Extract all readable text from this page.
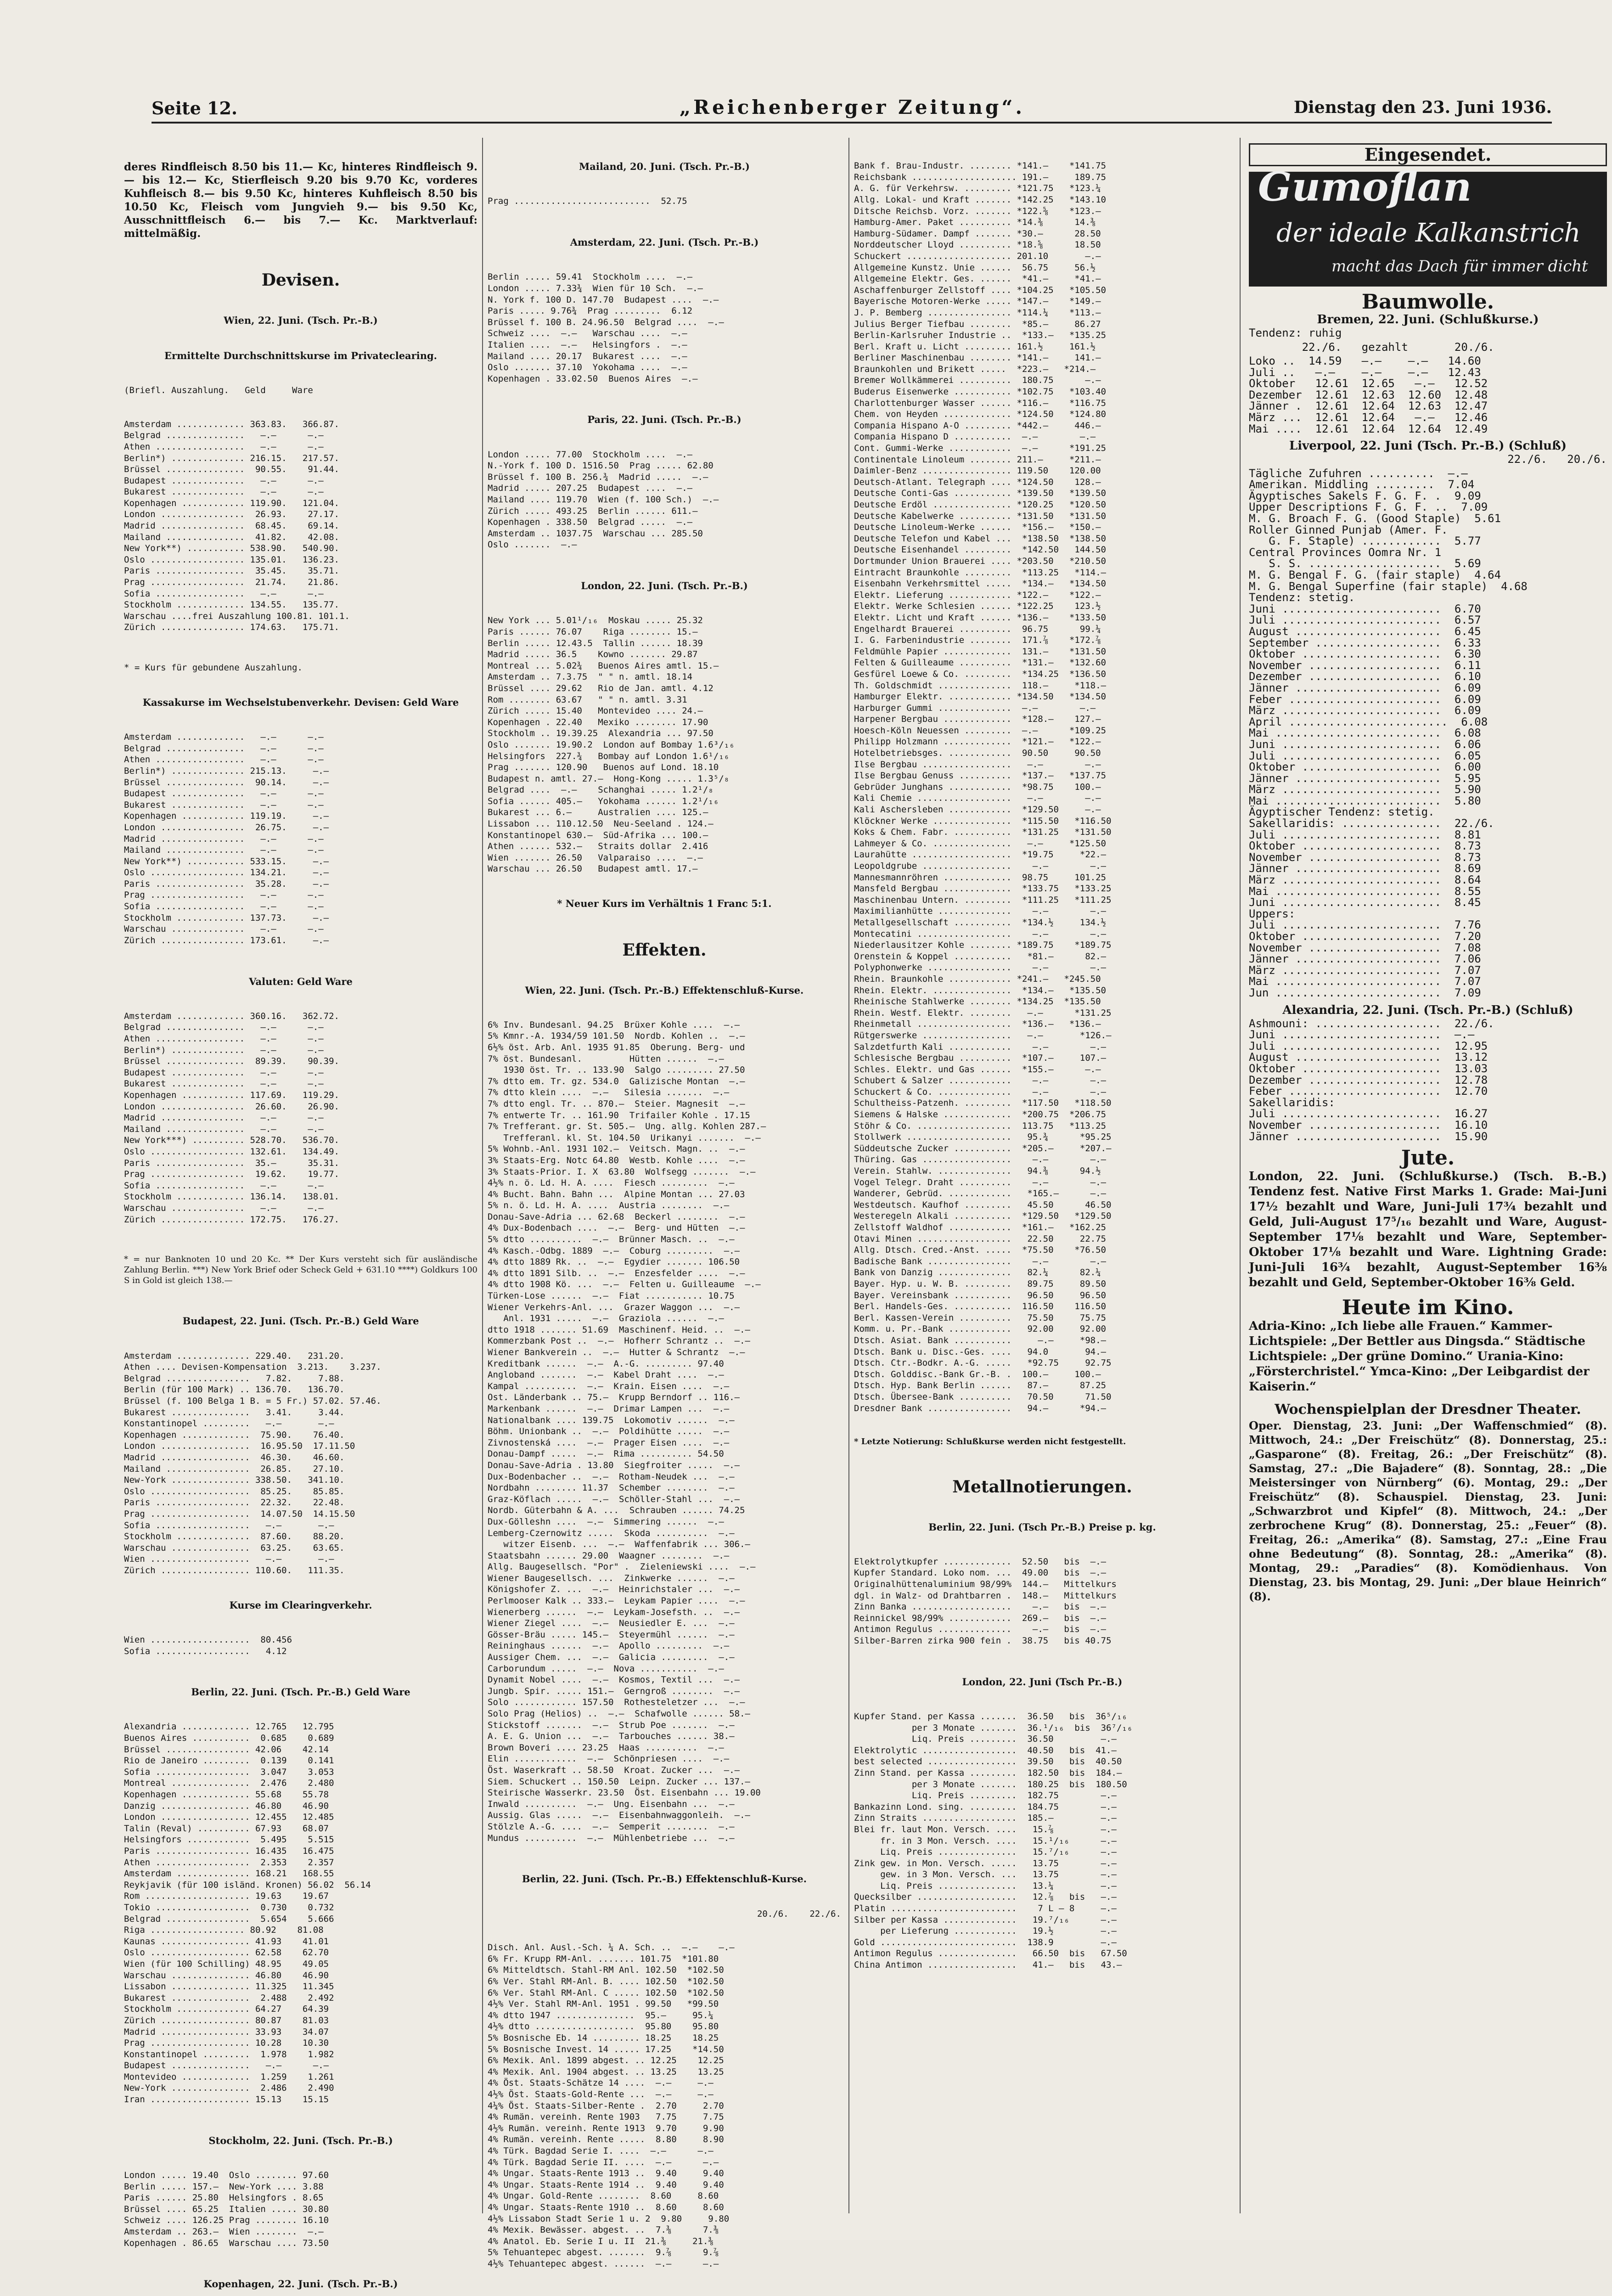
Seite 12.	„Reichenberger Zeitung“.	Dienstag den 23. Juni 1936.

deres Rindfleisch 8.50 bis 11.— Kc, hinteres Rindfleisch 9.— bis 12.— Kc, Stierfleisch 9.20 bis 9.70 Kc, vorderes Kuhfleisch 8.— bis 9.50 Kc, hinteres Kuhfleisch 8.50 bis 10.50 Kc, Fleisch vom Jungvieh 9.— bis 9.50 Kc, Ausschnittfleisch 6.— bis 7.— Kc. Marktverlauf: mittelmäßig.

Devisen.

Wien, 22. Juni. (Tsch. Pr.-B.)

Ermittelte Durchschnittskurse im Privateclearing.

(Briefl. Auszahlung.   Geld     Ware

Amsterdam ............. 363.83.   366.87.
Belgrad ...............   —.—      —.—
Athen .................   —.—      —.—
Berlin*) .............. 216.15.   217.57.
Brüssel ...............  90.55.    91.44.
Budapest ..............   —.—      —.—
Bukarest ..............   —.—      —.—
Kopenhagen ............ 119.90.   121.04.
London ................  26.93.    27.17.
Madrid ................  68.45.    69.14.
Mailand ...............  41.82.    42.08.
New York**) ........... 538.90.   540.90.
Oslo .................. 135.01.   136.23.
Paris .................  35.45.    35.71.
Prag ..................  21.74.    21.86.
Sofia .................   —.—      —.—
Stockholm ............. 134.55.   135.77.
Warschau ....frei Auszahlung 100.81. 101.1.
Zürich ................ 174.63.   175.71.

* = Kurs für gebundene Auszahlung.

Kassakurse im Wechselstubenverkehr. Devisen: Geld Ware

Amsterdam .............   —.—      —.—
Belgrad ...............   —.—      —.—
Athen .................   —.—      —.—
Berlin*) .............. 215.13.     —.—
Brüssel ...............  90.14.     —.—
Budapest ..............   —.—      —.—
Bukarest ..............   —.—      —.—
Kopenhagen ............ 119.19.     —.—
London ................  26.75.     —.—
Madrid ................   —.—      —.—
Mailand ...............   —.—      —.—
New York**) ........... 533.15.     —.—
Oslo .................. 134.21.     —.—
Paris .................  35.28.     —.—
Prag ..................   —.—      —.—
Sofia .................   —.—      —.—
Stockholm ............. 137.73.     —.—
Warschau ..............   —.—      —.—
Zürich ................ 173.61.     —.—

Valuten: Geld Ware

Amsterdam ............. 360.16.   362.72.
Belgrad ...............   —.—      —.—
Athen .................   —.—      —.—
Berlin*) ..............   —.—      —.—
Brüssel ...............  89.39.    90.39.
Budapest ..............   —.—      —.—
Bukarest ..............   —.—      —.—
Kopenhagen ............ 117.69.   119.29.
London ................  26.60.    26.90.
Madrid ................   —.—      —.—
Mailand ...............   —.—      —.—
New York***) .......... 528.70.   536.70.
Oslo .................. 132.61.   134.49.
Paris .................  35.—      35.31.
Prag ..................  19.62.    19.77.
Sofia .................   —.—      —.—
Stockholm ............. 136.14.   138.01.
Warschau ..............   —.—      —.—
Zürich ................ 172.75.   176.27.

* = nur Banknoten 10 und 20 Kc. ** Der Kurs versteht sich für ausländische Zahlung Berlin. ***) New York Brief oder Scheck Geld + 631.10 ****) Goldkurs 100 S in Gold ist gleich 138.—

Budapest, 22. Juni. (Tsch. Pr.-B.) Geld Ware

Amsterdam .............. 229.40.   231.20.
Athen .... Devisen-Kompensation  3.213.    3.237.
Belgrad ................   7.82.     7.88.
Berlin (für 100 Mark) .. 136.70.   136.70.
Brüssel (f. 100 Belga 1 B. = 5 Fr.) 57.02. 57.46.
Bukarest ...............   3.41.     3.44.
Konstantinopel .........   —.—       —.—
Kopenhagen .............  75.90.    76.40.
London .................  16.95.50  17.11.50
Madrid .................  46.30.    46.60.
Mailand ................  26.85.    27.10.
New-York ............... 338.50.   341.10.
Oslo ...................  85.25.    85.85.
Paris ..................  22.32.    22.48.
Prag ...................  14.07.50  14.15.50
Sofia ..................   —.—       —.—
Stockholm ..............  87.60.    88.20.
Warschau ...............  63.25.    63.65.
Wien ...................   —.—       —.—
Zürich ................. 110.60.   111.35.

Kurse im Clearingverkehr.

Wien ...................  80.456
Sofia ..................   4.12

Berlin, 22. Juni. (Tsch. Pr.-B.) Geld Ware

Alexandria ............. 12.765   12.795
Buenos Aires ...........  0.685    0.689
Brüssel ................ 42.06    42.14
Rio de Janeiro .........  0.139    0.141
Sofia ..................  3.047    3.053
Montreal ...............  2.476    2.480
Kopenhagen ............. 55.68    55.78
Danzig ................. 46.80    46.90
London ................. 12.455   12.485
Talin (Reval) .......... 67.93    68.07
Helsingfors ............  5.495    5.515
Paris .................. 16.435   16.475
Athen ..................  2.353    2.357
Amsterdam .............. 168.21   168.55
Reykjavik (für 100 isländ. Kronen) 56.02  56.14
Rom .................... 19.63    19.67
Tokio ..................  0.730    0.732
Belgrad ................  5.654    5.666
Riga .................. 80.92    81.08
Kaunas ................. 41.93    41.01
Oslo ................... 62.58    62.70
Wien (für 100 Schilling) 48.95    49.05
Warschau ............... 46.80    46.90
Lissabon ............... 11.325   11.345
Bukarest ...............  2.488    2.492
Stockholm .............. 64.27    64.39
Zürich ................. 80.87    81.03
Madrid ................. 33.93    34.07
Prag ................... 10.28    10.30
Konstantinopel .........  1.978    1.982
Budapest ...............   —.—      —.—
Montevideo .............  1.259    1.261
New-York ...............  2.486    2.490
Iran ................... 15.13    15.15

Stockholm, 22. Juni. (Tsch. Pr.-B.)

London ..... 19.40  Oslo ........ 97.60
Berlin ..... 157.—  New-York .... 3.88
Paris ...... 25.80  Helsingfors . 8.65
Brüssel .... 65.25  Italien ..... 30.80
Schweiz .... 126.25 Prag ........ 16.10
Amsterdam .. 263.—  Wien ........  —.—
Kopenhagen . 86.65  Warschau .... 73.50

Kopenhagen, 22. Juni. (Tsch. Pr.-B.)

Mailand, 20. Juni. (Tsch. Pr.-B.)

Prag ..........................  52.75

Amsterdam, 22. Juni. (Tsch. Pr.-B.)

Berlin ..... 59.41  Stockholm ....  —.—
London ..... 7.33¾  Wien für 10 Sch.  —.—
N. York f. 100 D. 147.70  Budapest ....  —.—
Paris ..... 9.76¾  Prag .........  6.12
Brüssel f. 100 B. 24.96.50  Belgrad ....  —.—
Schweiz ....  —.—   Warschau ....  —.—
Italien ....  —.—   Helsingfors .  —.—
Mailand .... 20.17  Bukarest ....  —.—
Oslo ....... 37.10  Yokohama ....  —.—
Kopenhagen . 33.02.50  Buenos Aires  —.—

Paris, 22. Juni. (Tsch. Pr.-B.)

London ..... 77.00  Stockholm ....  —.—
N.-York f. 100 D. 1516.50  Prag ..... 62.80
Brüssel f. 100 B. 256.¾  Madrid .....  —.—
Madrid ..... 207.25  Budapest ....  —.—
Mailand .... 119.70  Wien (f. 100 Sch.)  —.—
Zürich ..... 493.25  Berlin ...... 611.—
Kopenhagen . 338.50  Belgrad .....  —.—
Amsterdam .. 1037.75  Warschau ... 285.50
Oslo .......  —.—

London, 22. Juni. (Tsch. Pr.-B.)

New York ... 5.01¹/₁₆  Moskau ..... 25.32
Paris ...... 76.07    Riga ........ 15.—
Berlin ..... 12.43.5  Tallin ...... 18.39
Madrid ..... 36.5    Kowno ....... 29.87
Montreal ... 5.02¾   Buenos Aires amtl. 15.—
Amsterdam .. 7.3.75  " " n. amtl. 18.14
Brüssel .... 29.62   Rio de Jan. amtl. 4.12
Rom ........ 63.67   " " n. amtl. 3.31
Zürich ..... 15.40   Montevideo .... 24.—
Kopenhagen . 22.40   Mexiko ........ 17.90
Stockholm .. 19.39.25  Alexandria ... 97.50
Oslo ....... 19.90.2  London auf Bombay 1.6³/₁₆
Helsingfors  227.¾   Bombay auf London 1.6¹/₁₆
Prag ....... 120.90   Buenos auf Lond. 18.10
Budapest n. amtl. 27.—  Hong-Kong ..... 1.3⁵/₈
Belgrad ....  —.—    Schanghai ..... 1.2¹/₈
Sofia ...... 405.—   Yokohama ...... 1.2¹/₁₆
Bukarest ... 6.—     Australien .... 125.—
Lissabon ... 110.12.50  Neu-Seeland . 124.—
Konstantinopel 630.—  Süd-Afrika ... 100.—
Athen ...... 532.—   Straits dollar  2.416
Wien ....... 26.50   Valparaiso ....  —.—
Warschau ... 26.50   Budapest amtl. 17.—

* Neuer Kurs im Verhältnis 1 Franc 5:1.

Effekten.

Wien, 22. Juni. (Tsch. Pr.-B.) Effektenschluß-Kurse.

6% Inv. Bundesanl. 94.25  Brüxer Kohle ....  —.—
5% Kmnr.-A. 1934/59 101.50  Nordb. Kohlen ..  —.—
6½% öst. Arb. Anl. 1935 91.85  Oberung. Berg- und
7% öst. Bundesanl.         Hütten ......  —.—
1930 öst. Tr. .. 133.90  Salgo ......... 27.50
7% dtto em. Tr. gz. 534.0  Galizische Montan  —.—
7% dtto klein ....  —.—   Silesia .......  —.—
7% dtto engl. Tr. .. 870.—  Steier. Magnesit  —.—
7% entwerte Tr. .. 161.90  Trifailer Kohle . 17.15
7% Trefferant. gr. St. 505.—  Ung. allg. Kohlen 287.—
Trefferanl. kl. St. 104.50  Urikanyi .......  —.—
5% Wohnb.-Anl. 1931 102.—  Veitsch. Magn. ..  —.—
3% Staats-Erg. Notc 64.80  Westb. Kohle ....  —.—
3% Staats-Prior. I. X  63.80  Wolfsegg .......  —.—
4½% n. ö. Ld. H. A. ....  Fiesch .........  —.—
4% Bucht. Bahn. Bahn ...  Alpine Montan ... 27.03
5% n. ö. Ld. H. A. ....  Austria ........  —.—
Donau-Save-Adria ... 62.68  Beckerl ........  —.—
4% Dux-Bodenbach ....  —.—  Berg- und Hütten  —.—
5% dtto ..........  —.—  Brünner Masch. ..  —.—
4% Kasch.-Odbg. 1889  —.—  Coburg .........  —.—
4% dtto 1889 Rk. ..  —.—  Egydier ....... 106.50
4% dtto 1891 Silb. ..  —.—  Enzesfelder ....  —.—
4% dtto 1908 Kö. ...  —.—  Felten u. Guilleaume  —.—
Türken-Lose ......  —.—  Fiat ........... 10.75
Wiener Verkehrs-Anl. ...  Grazer Waggon ...  —.—
Anl. 1931 .....  —.—  Graziola ......  —.—
dtto 1918 ....... 51.69  Maschinenf. Heid. ..  —.—
Kommerzbank Post ..  —.—  Hofherr Schrantz ..  —.—
Wiener Bankverein ..  —.—  Hutter & Schrantz  —.—
Kreditbank ......  —.—  A.-G. ......... 97.40
Angloband .......  —.—  Kabel Draht ....  —.—
Kampal ..........  —.—  Krain. Eisen ....  —.—
Ost. Länderbank .. 75.—  Krupp Berndorf .. 116.—
Markenbank ......  —.—  Drimar Lampen ...  —.—
Nationalbank .... 139.75  Lokomotiv ......  —.—
Böhm. Unionbank ..  —.—  Poldihütte .....  —.—
Zivnostenská ....  —.—  Prager Eisen ....  —.—
Donau-Dampf .....  —.—  Rima .......... 54.50
Donau-Save-Adria . 13.80  Siegfroiter .....  —.—
Dux-Bodenbacher ..  —.—  Rotham-Neudek ...  —.—
Nordbahn ........ 11.37  Schember ........  —.—
Graz-Köflach .....  —.—  Schöller-Stahl ...  —.—
Nordb. Güterbahn & A. ...  Schrauben ...... 74.25
Dux-Gölleshn ....  —.—  Simmering ......  —.—
Lemberg-Czernowitz .....  Skoda ..........  —.—
witzer Eisenb. ...  —.—  Waffenfabrik ... 306.—
Staatsbahn ...... 29.00  Waagner ........  —.—
Allg. Baugesellsch. "Por" .  Zieleniewski ....  —.—
Wiener Baugesellsch. ...  Zinkwerke ......  —.—
Königshofer Z. ...  —.—  Heinrichstaler ...  —.—
Perlmooser Kalk .. 333.—  Leykam Papier ....  —.—
Wienerberg ......  —.—  Leykam-Josefsth. ..  —.—
Wiener Ziegel ....  —.—  Neusiedler E. ...  —.—
Gösser-Bräu ..... 145.—  Steyermühl ......  —.—
Reininghaus ......  —.—  Apollo .........  —.—
Aussiger Chem. ...  —.—  Galicia .........  —.—
Carborundum .....  —.—  Nova ...........  —.—
Dynamit Nobel ....  —.—  Kosmos, Textil ...  —.—
Jungb. Spir. ..... 151.—  Gerngroß ........  —.—
Solo ............ 157.50  Rothesteletzer ...  —.—
Solo Prag (Helios) ..  —.—  Schafwolle ...... 58.—
Stickstoff .......  —.—  Strub Poe .......  —.—
A. E. G. Union ...  —.—  Tarbouches ...... 38.—
Brown Boveri .... 23.25  Haas ..........  —.—
Elin ............  —.—  Schönpriesen ....  —.—
Öst. Waserkraft .. 58.50  Kroat. Zucker ...  —.—
Siem. Schuckert .. 150.50  Leipn. Zucker ... 137.—
Steirische Wasserkr. 23.50  Öst. Eisenbahn ... 19.00
Inwald ..........  —.—  Ung. Eisenbahn ...  —.—
Aussig. Glas .....  —.—  Eisenbahnwaggonleih.  —.—
Stölzle A.-G. ....  —.—  Semperit ........  —.—
Mundus ..........  —.—  Mühlenbetriebe ...  —.—

Berlin, 22. Juni. (Tsch. Pr.-B.) Effektenschluß-Kurse.

20./6.    22./6.

Disch. Anl. Ausl.-Sch. ¼ A. Sch. ..  —.—    —.—
6% Fr. Krupp RM-Anl. ....... 101.75  *101.80
6% Mitteldtsch. Stahl-RM Anl. 102.50  *102.50
6% Ver. Stahl RM-Anl. B. .... 102.50  *102.50
6% Ver. Stahl RM-Anl. C ..... 102.50  *102.50
4½% Ver. Stahl RM-Anl. 1951 . 99.50   *99.50
4% dtto 1947 ...............  95.—     95.¼
4½% dtto ...................  95.80    95.80
5% Bosnische Eb. 14 ......... 18.25    18.25
5% Bosnische Invest. 14 ..... 17.25    *14.50
6% Mexik. Anl. 1899 abgest. .. 12.25    12.25
4% Mexik. Anl. 1904 abgest. .. 13.25    13.25
4% Öst. Staats-Schätze 14 ....  —.—     —.—
4½% Öst. Staats-Gold-Rente ...  —.—     —.—
4¼% Öst. Staats-Silber-Rente .  2.70     2.70
4% Rumän. vereinh. Rente 1903   7.75     7.75
4½% Rumän. vereinh. Rente 1913  9.70     9.90
4% Rumän. vereinh. Rente .....  8.80     8.90
4% Türk. Bagdad Serie I. ....  —.—      —.—
4% Türk. Bagdad Serie II. ....  —.—      —.—
4% Ungar. Staats-Rente 1913 ..  9.40     9.40
4% Ungar. Staats-Rente 1914 ..  9.40     9.40
4% Ungar. Gold-Rente ........  8.60     8.60
4% Ungar. Staats-Rente 1910 ..  8.60     8.60
4½% Lissabon Stadt Serie 1 u. 2  9.80     9.80
4% Mexik. Bewässer. abgest. ..  7.⅜      7.⅜
4% Anatol. Eb. Serie I u. II  21.⅜     21.⅜
5% Tehuantepec abgest. .......  9.⅞      9.⅞
4½% Tehuantepec abgest. ......  —.—      —.—

Bank f. Brau-Industr. ........ *141.—    *141.75
Reichsbank .................... 191.—     189.75
A. G. für Verkehrsw. ......... *121.75   *123.¼
Allg. Lokal- und Kraft ....... *142.25   *143.10
Ditsche Reichsb. Vorz. ....... *122.⅝    *123.—
Hamburg-Amer. Paket .......... *14.⅜      14.⅜
Hamburg-Südamer. Dampf ....... *30.—      28.50
Norddeutscher Lloyd .......... *18.⅝      18.50
Schuckert .................... 201.10       —.—
Allgemeine Kunstz. Unie ......  56.75     56.½
Allgemeine Elektr. Ges. ......  *41.—     *41.—
Aschaffenburger Zellstoff .... *104.25   *105.50
Bayerische Motoren-Werke ..... *147.—    *149.—
J. P. Bemberg ................ *114.¼    *113.—
Julius Berger Tiefbau ........  *85.—     86.27
Berlin-Karlsruher Industrie ..  *133.—   *135.25
Berl. Kraft u. Licht ......... 161.½     161.½
Berliner Maschinenbau ........ *141.—     141.—
Braunkohlen und Brikett .....  *223.—   *214.—
Bremer Wollkämmerei ..........  180.75      —.—
Buderus Eisenwerke ........... *102.75   *103.40
Charlottenburger Wasser ...... *116.—    *116.75
Chem. von Heyden ............. *124.50   *124.80
Compania Hispano A-O ......... *442.—     446.—
Compania Hispano D ...........  —.—        —.—
Cont. Gummi-Werke ............  —.—      *191.25
Continentale Linoleum ........ 211.—     *211.—
Daimler-Benz ................. 119.50    120.00
Deutsch-Atlant. Telegraph .... *124.50    128.—
Deutsche Conti-Gas ........... *139.50   *139.50
Deutsche Erdöl ............... *120.25   *120.50
Deutsche Kabelwerke .......... *131.50   *131.50
Deutsche Linoleum-Werke ......  *156.—   *150.—
Deutsche Telefon und Kabel ...  *138.50  *138.50
Deutsche Eisenhandel .........  *142.50   144.50
Dortmunder Union Brauerei .... *203.50   *210.50
Eintracht Braunkohle .........  *113.25   *114.—
Eisenbahn Verkehrsmittel .....  *134.—   *134.50
Elektr. Lieferung ............ *122.—    *122.—
Elektr. Werke Schlesien ...... *122.25    123.½
Elektr. Licht und Kraft ...... *136.—    *133.50
Engelhardt Brauerei ..........  96.75      99.¼
I. G. Farbenindustrie ........  171.⅞    *172.⅞
Feldmühle Papier .............  131.—    *131.50
Felten & Guilleaume ..........  *131.—   *132.60
Gesfürel Loewe & Co. .........  *134.25  *136.50
Th. Goldschmidt ..............  118.—     *118.—
Hamburger Elektr. ............ *134.50   *134.50
Harburger Gummi ..............  —.—        —.—
Harpener Bergbau .............  *128.—    127.—
Hoesch-Köln Neuessen .........  —.—      *109.25
Philipp Holzmann .............  *121.—   *122.—
Hotelbetriebsges. ............  90.50     90.50
Ilse Bergbau .................   —.—        —.—
Ilse Bergbau Genuss ..........  *137.—   *137.75
Gebrüder Junghans ............  *98.75    100.—
Kali Chemie ..................   —.—        —.—
Kali Aschersleben ............  *129.50     —.—
Klöckner Werke ...............  *115.50   *116.50
Koks & Chem. Fabr. ...........  *131.25   *131.50
Lahmeyer & Co. ...............   —.—     *125.50
Laurahütte ...................  *19.75     *22.—
Leopoldgrube .................    —.—        —.—
Mannesmannröhren .............  98.75     101.25
Mansfeld Bergbau .............  *133.75   *133.25
Maschinenbau Untern. .........  *111.25   *111.25
Maximilianhütte ..............    —.—        —.—
Metallgesellschaft ...........  *134.½     134.½
Montecatini ..................    —.—        —.—
Niederlausitzer Kohle ........ *189.75    *189.75
Orenstein & Koppel ...........   *81.—      82.—
Polyphonwerke ................    —.—        —.—
Rhein. Braunkohle ............ *241.—   *245.50
Rhein. Elektr. ...............  *134.—   *135.50
Rheinische Stahlwerke ........ *134.25  *135.50
Rhein. Westf. Elektr. ........   —.—      *131.25
Rheinmetall ..................  *136.—   *136.—
Rütgerswerke .................   —.—       *126.—
Salzdetfurth Kali ............    —.—        —.—
Schlesische Bergbau ..........  *107.—     107.—
Schles. Elektr. und Gas ......  *155.—      —.—
Schubert & Salzer ............    —.—        —.—
Schuckert & Co. ..............    —.—        —.—
Schultheiss-Patzenh. .........  *117.50   *118.50
Siemens & Halske .............  *200.75  *206.75
Stöhr & Co. ..................  113.75   *113.25
Stollwerk ....................   95.¾      *95.25
Süddeutsche Zucker ...........  *205.—     *207.—
Thüring. Gas .................    —.—        —.—
Verein. Stahlw. ..............   94.⅜      94.½
Vogel Telegr. Draht ..........    —.—        —.—
Wanderer, Gebrüd. ............   *165.—      —.—
Westdeutsch. Kaufhof .........   45.50      46.50
Westeregeln Alkali ...........  *129.50   *129.50
Zellstoff Waldhof ............  *161.—   *162.25
Otavi Minen ..................   22.50     22.75
Allg. Dtsch. Cred.-Anst. .....  *75.50    *76.50
Badische Bank ................    —.—        —.—
Bank von Danzig ..............   82.¼      82.¼
Bayer. Hyp. u. W. B. .........   89.75     89.50
Bayer. Vereinsbank ...........   96.50     96.50
Berl. Handels-Ges. ...........  116.50    116.50
Berl. Kassen-Verein ..........   75.50     75.75
Komm. u. Pr.-Bank ............   92.00     92.00
Dtsch. Asiat. Bank ...........     —.—     *98.—
Dtsch. Bank u. Disc.-Ges. ....   94.0       94.—
Dtsch. Ctr.-Bodkr. A.-G. .....   *92.75     92.75
Dtsch. Golddisc.-Bank Gr.-B. .  100.—     100.—
Dtsch. Hyp. Bank Berlin ......   87.—      87.25
Dtsch. Übersee-Bank ..........   70.50      71.50
Dresdner Bank ................   94.—      *94.—

* Letzte Notierung: Schlußkurse werden nicht festgestellt.

Metallnotierungen.

Berlin, 22. Juni. (Tsch Pr.-B.) Preise p. kg.

Elektrolytkupfer .............  52.50   bis  —.—
Kupfer Standard. Loko nom. ...  49.00   bis  —.—
Originalhüttenaluminium 98/99%  144.—   Mittelkurs
dgl. in Walz- od Drahtbarren .  148.—   Mittelkurs
Zinn Banka ...................    —.—   bis  —.—
Reinnickel 98/99% ............  269.—   bis  —.—
Antimon Regulus ..............    —.—   bis  —.—
Silber-Barren zirka 900 fein .  38.75   bis 40.75

London, 22. Juni (Tsch Pr.-B.)

Kupfer Stand. per Kassa .......  36.50   bis  36⁵/₁₆
per 3 Monate .......  36.¹/₁₆  bis  36⁷/₁₆
Liq. Preis .........  36.50         —.—
Elektrolytic ..................  40.50   bis  41.—
best selected .................  39.50   bis  40.50
Zinn Stand. per Kassa .........  182.50  bis  184.—
per 3 Monate .......  180.25  bis  180.50
Liq. Preis .........  182.75        —.—
Bankazinn Lond. sing. .........  184.75        —.—
Zinn Straits ..................  185.—         —.—
Blei fr. laut Mon. Versch. ....   15.⅞         —.—
fr. in 3 Mon. Versch. ....   15.¹/₁₆      —.—
Liq. Preis ...............   15.⁷/₁₆      —.—
Zink gew. in Mon. Versch. .....   13.75        —.—
gew. in 3 Mon. Versch. ...   13.75        —.—
Liq. Preis ...............   13.¼         —.—
Quecksilber ...................   12.⅞   bis   —.—
Platin ........................    7 L — 8     —.—
Silber per Kassa ..............   19.⁷/₁₆      —.—
per Lieferung ............   19.½         —.—
Gold ..........................  138.9         —.—
Antimon Regulus ...............   66.50  bis   67.50
China Antimon .................   41.—   bis   43.—

Eingesendet.
Gumoflan
der ideale Kalkanstrich
macht das Dach für immer dicht
Baumwolle.
Bremen, 22. Juni. (Schlußkurse.)
Tendenz: ruhig
22./6.   gezahlt       20./6.
Loko ..  14.59   —.—    —.—   14.60
Juli ..   —.—    —.—    —.—   12.43
Oktober   12.61  12.65   —.—   12.52
Dezember  12.61  12.63  12.60  12.48
Jänner .  12.61  12.64  12.63  12.47
März ...  12.61  12.64   —.—   12.46
Mai ....  12.61  12.64  12.64  12.49
Liverpool, 22. Juni (Tsch. Pr.-B.) (Schluß)
22./6.   20./6.
Tägliche Zufuhren ..........  —.—
Amerikan. Middling .........  7.04
Ägyptisches Sakels F. G. F. .  9.09
Upper Descriptions F. G. F. ..  7.09
M. G. Broach F. G. (Good Staple)  5.61
Roller Ginned Punjab (Amer. F.
G. F. Staple) ............  5.77
Central Provinces Oomra Nr. 1
S. S. ....................  5.69
M. G. Bengal F. G. (fair staple)  4.64
M. G. Bengal Superfine (fair staple)  4.68
Tendenz: stetig.
Juni ........................  6.70
Juli ........................  6.57
August ......................  6.45
September ...................  6.33
Oktober .....................  6.30
November ....................  6.11
Dezember ....................  6.10
Jänner ......................  6.09
Feber .......................  6.09
März ........................  6.09
April ........................  6.08
Mai .........................  6.08
Juni ........................  6.06
Juli ........................  6.05
Oktober .....................  6.00
Jänner ......................  5.95
März ........................  5.90
Mai .........................  5.80
Ägyptischer Tendenz: stetig.
Sakellaridis: ...............  22./6.
Juli ........................  8.81
Oktober .....................  8.73
November ....................  8.73
Jänner ......................  8.69
März ........................  8.64
Mai .........................  8.55
Juni ........................  8.45
Uppers:
Juli ........................  7.76
Oktober .....................  7.20
November ....................  7.08
Jänner ......................  7.06
März ........................  7.07
Mai .........................  7.07
Jun .........................  7.09
Alexandria, 22. Juni. (Tsch. Pr.-B.) (Schluß)
Ashmouni: ...................  22./6.
Juni ........................  —.—
Juli ........................  12.95
August ......................  13.12
Oktober .....................  13.03
Dezember ....................  12.78
Feber .......................  12.70
Sakellaridis:
Juli ........................  16.27
November ....................  16.10
Jänner ......................  15.90
Jute.
London, 22. Juni. (Schlußkurse.) (Tsch. B.-B.) Tendenz fest. Native First Marks 1. Grade: Mai-Juni 17½ bezahlt und Ware, Juni-Juli 17¾ bezahlt und Geld, Juli-August 17⁵/₁₆ bezahlt und Ware, August-September 17⅛ bezahlt und Ware, September-Oktober 17⅛ bezahlt und Ware. Lightning Grade: Juni-Juli 16¾ bezahlt, August-September 16⅜ bezahlt und Geld, September-Oktober 16⅜ Geld.
Heute im Kino.
Adria-Kino: „Ich liebe alle Frauen.“ Kammer-Lichtspiele: „Der Bettler aus Dingsda.“ Städtische Lichtspiele: „Der grüne Domino.“ Urania-Kino: „Försterchristel.“ Ymca-Kino: „Der Leibgardist der Kaiserin.“
Wochenspielplan der Dresdner Theater.
Oper. Dienstag, 23. Juni: „Der Waffenschmied“ (8). Mittwoch, 24.: „Der Freischütz“ (8). Donnerstag, 25.: „Gasparone“ (8). Freitag, 26.: „Der Freischütz“ (8). Samstag, 27.: „Die Bajadere“ (8). Sonntag, 28.: „Die Meistersinger von Nürnberg“ (6). Montag, 29.: „Der Freischütz“ (8). Schauspiel. Dienstag, 23. Juni: „Schwarzbrot und Kipfel“ (8). Mittwoch, 24.: „Der zerbrochene Krug“ (8). Donnerstag, 25.: „Feuer“ (8). Freitag, 26.: „Amerika“ (8). Samstag, 27.: „Eine Frau ohne Bedeutung“ (8). Sonntag, 28.: „Amerika“ (8). Montag, 29.: „Paradies“ (8). Komödienhaus. Von Dienstag, 23. bis Montag, 29. Juni: „Der blaue Heinrich“ (8).
